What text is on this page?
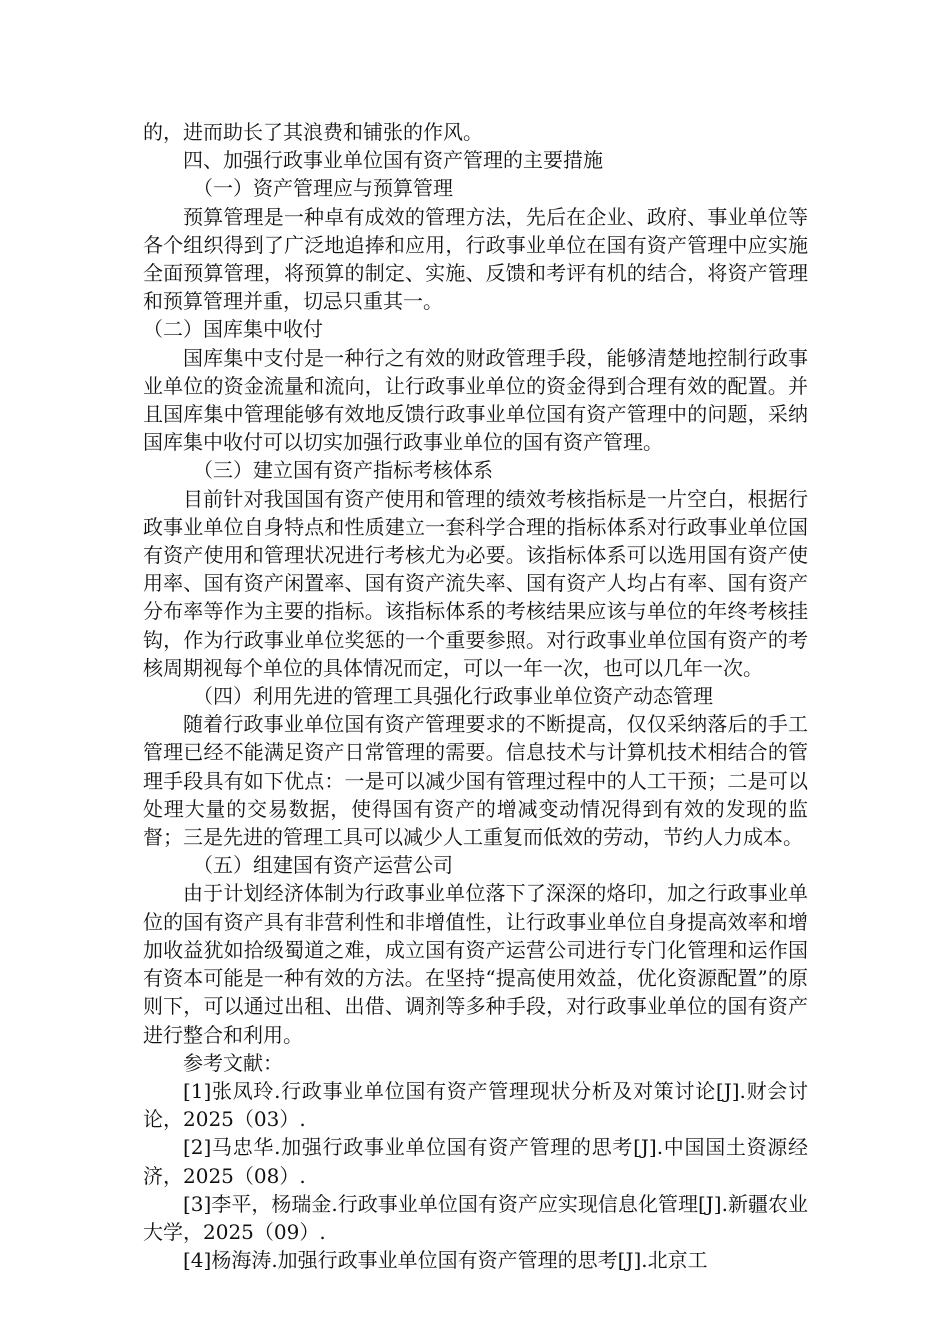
的，进而助长了其浪费和铺张的作风。

四、加强行政事业单位国有资产管理的主要措施

（一）资产管理应与预算管理

预算管理是一种卓有成效的管理方法，先后在企业、政府、事业单位等各个组织得到了广泛地追捧和应用，行政事业单位在国有资产管理中应实施全面预算管理，将预算的制定、实施、反馈和考评有机的结合，将资产管理和预算管理并重，切忌只重其一。

（二）国库集中收付

国库集中支付是一种行之有效的财政管理手段，能够清楚地控制行政事业单位的资金流量和流向，让行政事业单位的资金得到合理有效的配置。并且国库集中管理能够有效地反馈行政事业单位国有资产管理中的问题，采纳国库集中收付可以切实加强行政事业单位的国有资产管理。

（三）建立国有资产指标考核体系

目前针对我国国有资产使用和管理的绩效考核指标是一片空白，根据行政事业单位自身特点和性质建立一套科学合理的指标体系对行政事业单位国有资产使用和管理状况进行考核尤为必要。该指标体系可以选用国有资产使用率、国有资产闲置率、国有资产流失率、国有资产人均占有率、国有资产分布率等作为主要的指标。该指标体系的考核结果应该与单位的年终考核挂钩，作为行政事业单位奖惩的一个重要参照。对行政事业单位国有资产的考核周期视每个单位的具体情况而定，可以一年一次，也可以几年一次。

（四）利用先进的管理工具强化行政事业单位资产动态管理

随着行政事业单位国有资产管理要求的不断提高，仅仅采纳落后的手工管理已经不能满足资产日常管理的需要。信息技术与计算机技术相结合的管理手段具有如下优点：一是可以减少国有管理过程中的人工干预；二是可以处理大量的交易数据，使得国有资产的增减变动情况得到有效的发现的监督；三是先进的管理工具可以减少人工重复而低效的劳动，节约人力成本。

（五）组建国有资产运营公司

由于计划经济体制为行政事业单位落下了深深的烙印，加之行政事业单位的国有资产具有非营利性和非增值性，让行政事业单位自身提高效率和增加收益犹如拾级蜀道之难，成立国有资产运营公司进行专门化管理和运作国有资本可能是一种有效的方法。在坚持“提高使用效益，优化资源配置”的原则下，可以通过出租、出借、调剂等多种手段，对行政事业单位的国有资产进行整合和利用。

参考文献：

[1]张凤玲.行政事业单位国有资产管理现状分析及对策讨论[J].财会讨论，2025（03）.

[2]马忠华.加强行政事业单位国有资产管理的思考[J].中国国土资源经济，2025（08）.

[3]李平，杨瑞金.行政事业单位国有资产应实现信息化管理[J].新疆农业大学，2025（09）.

[4]杨海涛.加强行政事业单位国有资产管理的思考[J].北京工
